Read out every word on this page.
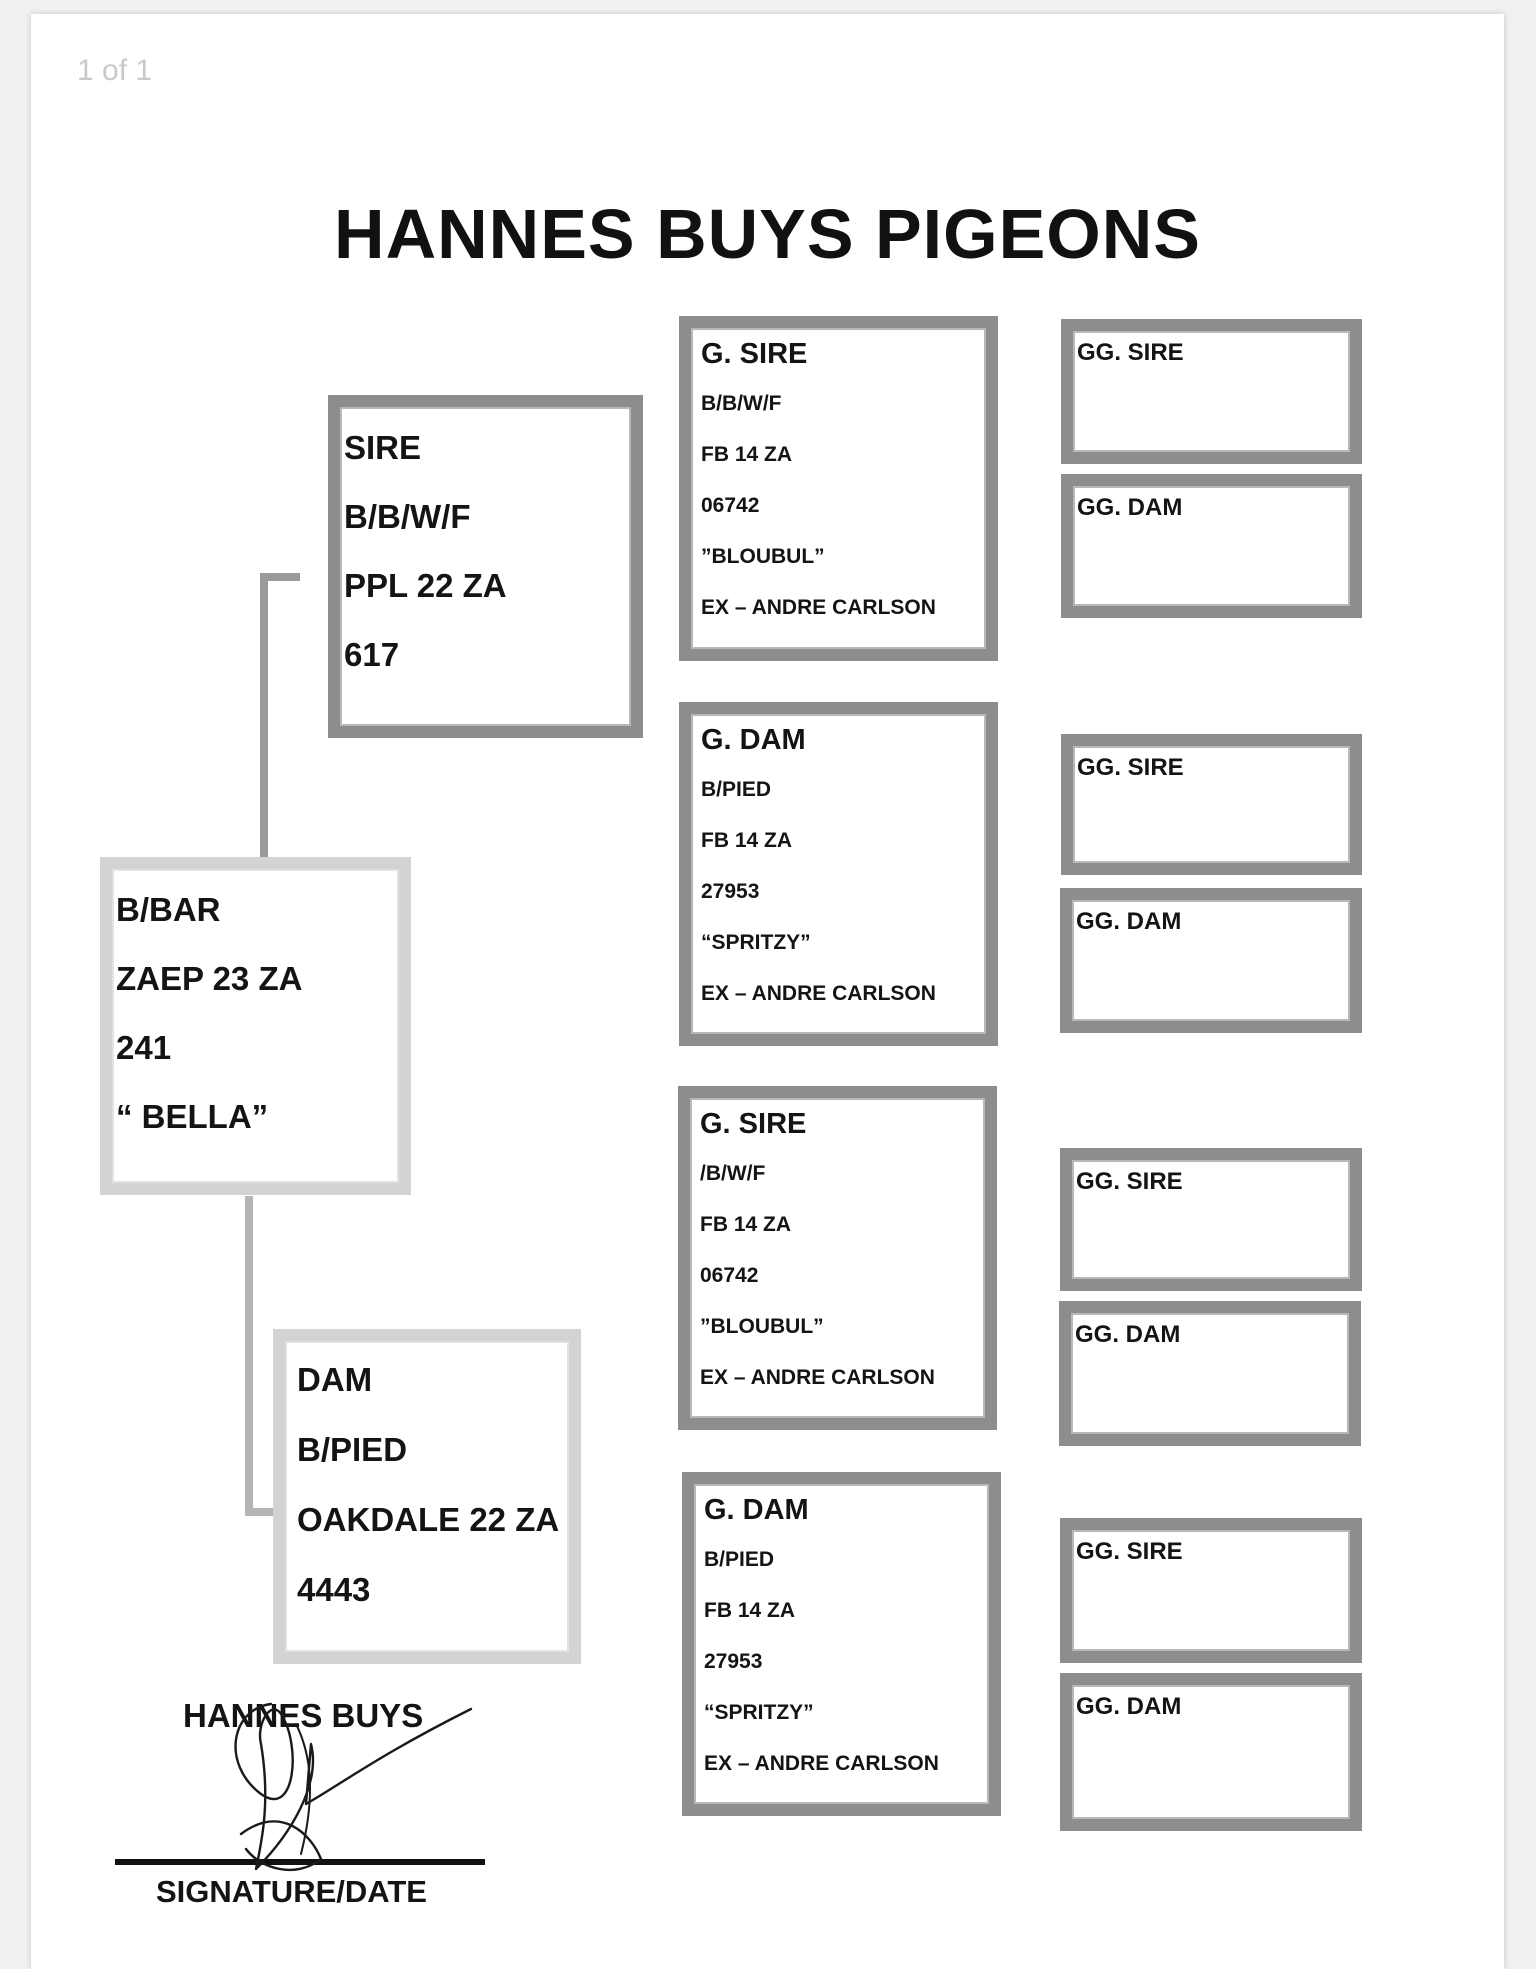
1 of 1
HANNES BUYS PIGEONS
B/BAR
ZAEP 23 ZA
241
“ BELLA”
SIRE
B/B/W/F
PPL 22 ZA
617
DAM
B/PIED
OAKDALE 22 ZA
4443
G. SIRE
B/B/W/F
FB 14 ZA
06742
”BLOUBUL”
EX – ANDRE CARLSON
G. DAM
B/PIED
FB 14 ZA
27953
“SPRITZY”
EX – ANDRE CARLSON
G. SIRE
/B/W/F
FB 14 ZA
06742
”BLOUBUL”
EX – ANDRE CARLSON
G. DAM
B/PIED
FB 14 ZA
27953
“SPRITZY”
EX – ANDRE CARLSON
GG. SIRE
GG. DAM
GG. SIRE
GG. DAM
GG. SIRE
GG. DAM
GG. SIRE
GG. DAM
HANNES BUYS
SIGNATURE/DATE
